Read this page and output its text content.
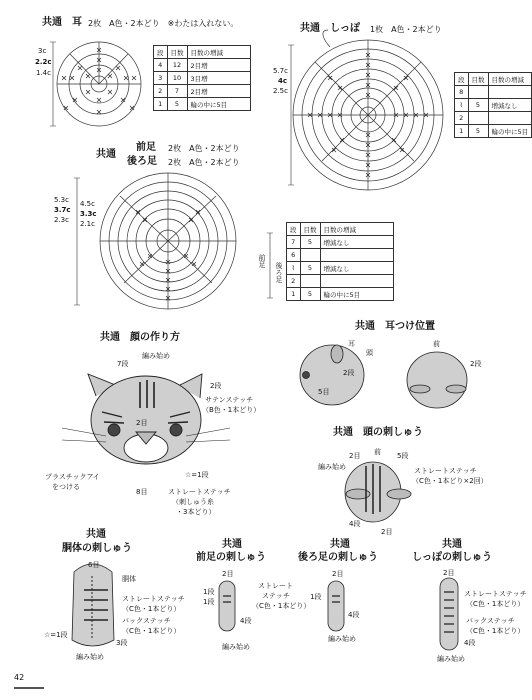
共通　耳 2枚　A色・2本どり　※わたは入れない。
3c
2.2c
1.4c
段	目数	目数の増減
4	12	2目増
3	10	3目増
2	7	2目増
1	5	輪の中に5目
共通　しっぽ 1枚　A色・2本どり
5.7c
4c
2.5c
段	目数	目数の増減
8		
⌇	5	増減なし
2		
1	5	輪の中に5目
共通
前足
後ろ足
2枚　A色・2本どり
2枚　A色・2本どり
5.3c
3.7c
2.3c
4.5c
3.3c
2.1c
前足
後ろ足
段	目数	目数の増減
7	5	増減なし
6		
⌇	5	増減なし
2		
1	5	輪の中に5目
共通　顔の作り方
編み始め
7段
2段
サテンステッチ
（B色・1本どり）
2目
☆=1段
プラスチックアイ
をつける
8目	ストレートステッチ
（刺しゅう糸
・3本どり）
共通　耳つけ位置
耳
頭
2段
5目
前
2段
共通　頭の刺しゅう
編み始め
2目 前 5段
ストレートステッチ
（C色・1本どり×2回）
4段
2目
共通
胴体の刺しゅう
6目
胴体
ストレートステッチ
（C色・1本どり）
バックステッチ
（C色・1本どり）
☆=1段
3段
編み始め
共通
前足の刺しゅう
2目
1段
1段
ストレート
ステッチ
（C色・1本どり）
4段
編み始め
共通
後ろ足の刺しゅう
2目
1段
4段
編み始め
共通
しっぽの刺しゅう
2目
ストレートステッチ
（C色・1本どり）
バックステッチ
（C色・1本どり）
4段
編み始め
42
